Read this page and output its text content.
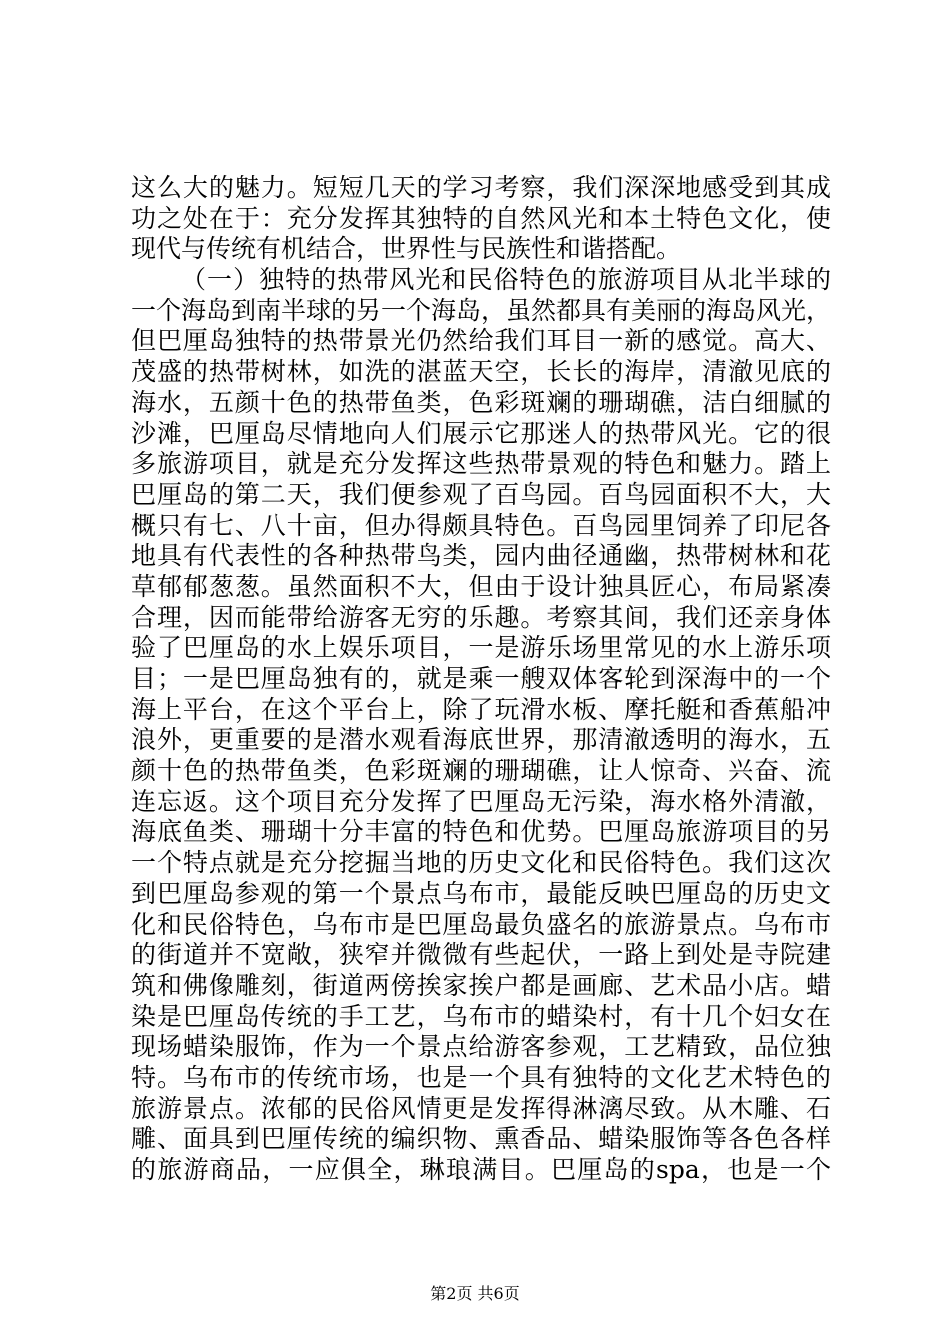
这么大的魅力。短短几天的学习考察，我们深深地感受到其成
功之处在于：充分发挥其独特的自然风光和本土特色文化，使
现代与传统有机结合，世界性与民族性和谐搭配。
（一）独特的热带风光和民俗特色的旅游项目从北半球的
一个海岛到南半球的另一个海岛，虽然都具有美丽的海岛风光，
但巴厘岛独特的热带景光仍然给我们耳目一新的感觉。高大、
茂盛的热带树林，如洗的湛蓝天空，长长的海岸，清澈见底的
海水，五颜十色的热带鱼类，色彩斑斓的珊瑚礁，洁白细腻的
沙滩，巴厘岛尽情地向人们展示它那迷人的热带风光。它的很
多旅游项目，就是充分发挥这些热带景观的特色和魅力。踏上
巴厘岛的第二天，我们便参观了百鸟园。百鸟园面积不大，大
概只有七、八十亩，但办得颇具特色。百鸟园里饲养了印尼各
地具有代表性的各种热带鸟类，园内曲径通幽，热带树林和花
草郁郁葱葱。虽然面积不大，但由于设计独具匠心，布局紧凑
合理，因而能带给游客无穷的乐趣。考察其间，我们还亲身体
验了巴厘岛的水上娱乐项目，一是游乐场里常见的水上游乐项
目；一是巴厘岛独有的，就是乘一艘双体客轮到深海中的一个
海上平台，在这个平台上，除了玩滑水板、摩托艇和香蕉船冲
浪外，更重要的是潜水观看海底世界，那清澈透明的海水，五
颜十色的热带鱼类，色彩斑斓的珊瑚礁，让人惊奇、兴奋、流
连忘返。这个项目充分发挥了巴厘岛无污染，海水格外清澈，
海底鱼类、珊瑚十分丰富的特色和优势。巴厘岛旅游项目的另
一个特点就是充分挖掘当地的历史文化和民俗特色。我们这次
到巴厘岛参观的第一个景点乌布市，最能反映巴厘岛的历史文
化和民俗特色，乌布市是巴厘岛最负盛名的旅游景点。乌布市
的街道并不宽敞，狭窄并微微有些起伏，一路上到处是寺院建
筑和佛像雕刻，街道两傍挨家挨户都是画廊、艺术品小店。蜡
染是巴厘岛传统的手工艺，乌布市的蜡染村，有十几个妇女在
现场蜡染服饰，作为一个景点给游客参观，工艺精致，品位独
特。乌布市的传统市场，也是一个具有独特的文化艺术特色的
旅游景点。浓郁的民俗风情更是发挥得淋漓尽致。从木雕、石
雕、面具到巴厘传统的编织物、熏香品、蜡染服饰等各色各样
的旅游商品，一应俱全，琳琅满目。巴厘岛的spa，也是一个
第2页 共6页
